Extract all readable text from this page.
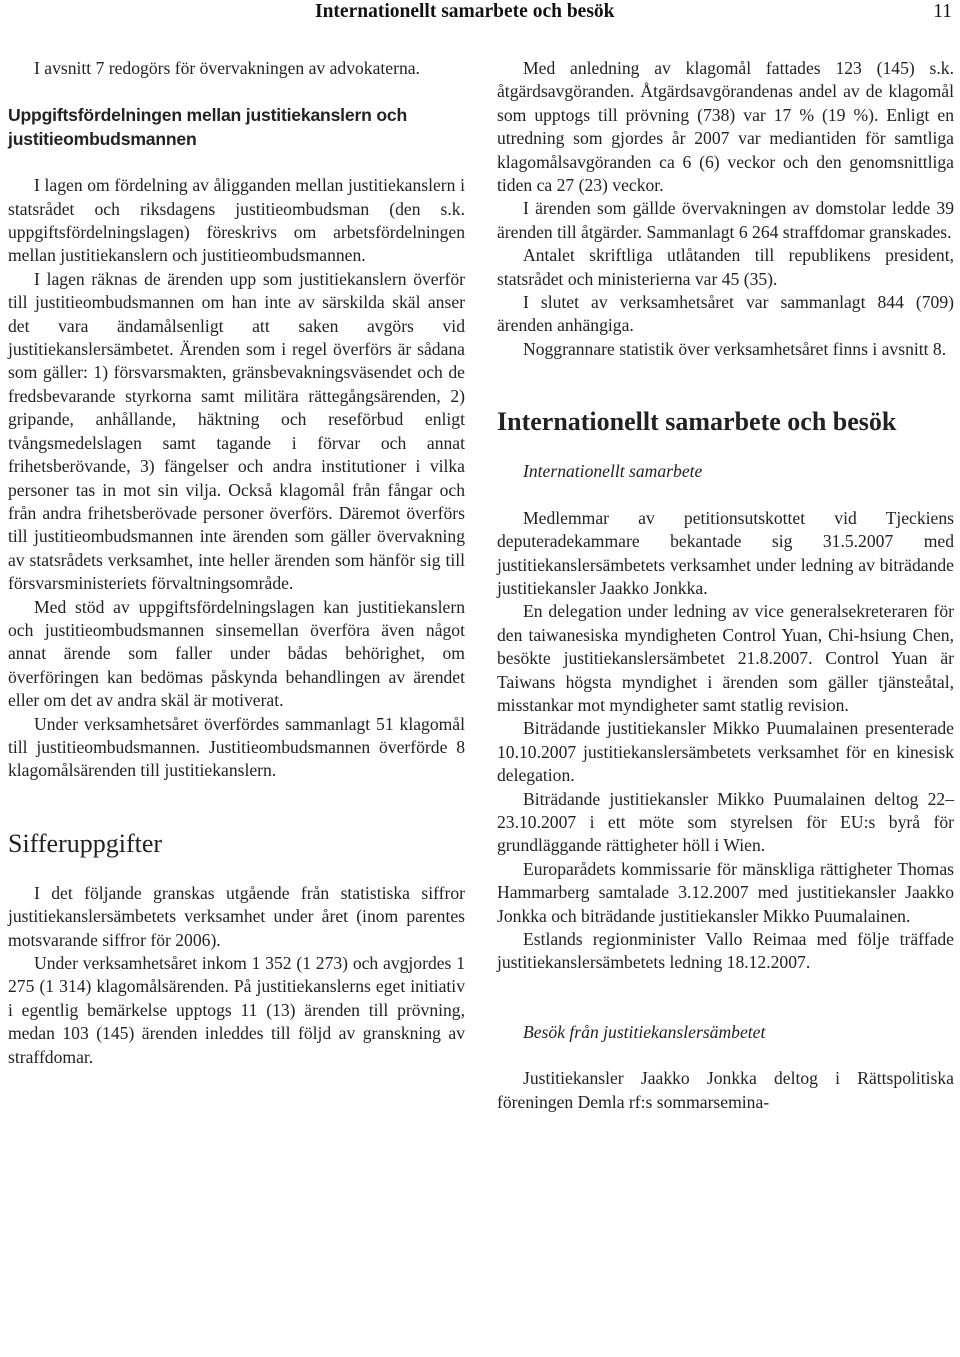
Internationellt samarbete och besök	11

I avsnitt 7 redogörs för övervakningen av advokaterna.

Uppgiftsfördelningen mellan justitiekanslern och justitieombudsmannen

I lagen om fördelning av åligganden mellan justitiekanslern i statsrådet och riksdagens justitieombudsman (den s.k. uppgiftsfördelningslagen) föreskrivs om arbetsfördelningen mellan justitiekanslern och justitieombudsmannen.

I lagen räknas de ärenden upp som justitiekanslern överför till justitieombudsmannen om han inte av särskilda skäl anser det vara ändamålsenligt att saken avgörs vid justitiekanslersämbetet. Ärenden som i regel överförs är sådana som gäller: 1) försvarsmakten, gränsbevakningsväsendet och de fredsbevarande styrkorna samt militära rättegångsärenden, 2) gripande, anhållande, häktning och reseförbud enligt tvångsmedelslagen samt tagande i förvar och annat frihetsberövande, 3) fängelser och andra institutioner i vilka personer tas in mot sin vilja. Också klagomål från fångar och från andra frihetsberövade personer överförs. Däremot överförs till justitieombudsmannen inte ärenden som gäller övervakning av statsrådets verksamhet, inte heller ärenden som hänför sig till försvarsministeriets förvaltningsområde.

Med stöd av uppgiftsfördelningslagen kan justitiekanslern och justitieombudsmannen sinsemellan överföra även något annat ärende som faller under bådas behörighet, om överföringen kan bedömas påskynda behandlingen av ärendet eller om det av andra skäl är motiverat.

Under verksamhetsåret överfördes sammanlagt 51 klagomål till justitieombudsmannen. Justitieombudsmannen överförde 8 klagomålsärenden till justitiekanslern.

Sifferuppgifter

I det följande granskas utgående från statistiska siffror justitiekanslersämbetets verksamhet under året (inom parentes motsvarande siffror för 2006).

Under verksamhetsåret inkom 1 352 (1 273) och avgjordes 1 275 (1 314) klagomålsärenden. På justitiekanslerns eget initiativ i egentlig bemärkelse upptogs 11 (13) ärenden till prövning, medan 103 (145) ärenden inleddes till följd av granskning av straffdomar.

Med anledning av klagomål fattades 123 (145) s.k. åtgärdsavgöranden. Åtgärdsavgörandenas andel av de klagomål som upptogs till prövning (738) var 17 % (19 %). Enligt en utredning som gjordes år 2007 var mediantiden för samtliga klagomålsavgöranden ca 6 (6) veckor och den genomsnittliga tiden ca 27 (23) veckor.

I ärenden som gällde övervakningen av domstolar ledde 39 ärenden till åtgärder. Sammanlagt 6 264 straffdomar granskades.

Antalet skriftliga utlåtanden till republikens president, statsrådet och ministerierna var 45 (35).

I slutet av verksamhetsåret var sammanlagt 844 (709) ärenden anhängiga.

Noggrannare statistik över verksamhetsåret finns i avsnitt 8.

Internationellt samarbete och besök

Internationellt samarbete

Medlemmar av petitionsutskottet vid Tjeckiens deputeradekammare bekantade sig 31.5.2007 med justitiekanslersämbetets verksamhet under ledning av biträdande justitiekansler Jaakko Jonkka.

En delegation under ledning av vice generalsekreteraren för den taiwanesiska myndigheten Control Yuan, Chi-hsiung Chen, besökte justitiekanslersämbetet 21.8.2007. Control Yuan är Taiwans högsta myndighet i ärenden som gäller tjänsteåtal, misstankar mot myndigheter samt statlig revision.

Biträdande justitiekansler Mikko Puumalainen presenterade 10.10.2007 justitiekanslersämbetets verksamhet för en kinesisk delegation.

Biträdande justitiekansler Mikko Puumalainen deltog 22–23.10.2007 i ett möte som styrelsen för EU:s byrå för grundläggande rättigheter höll i Wien.

Europarådets kommissarie för mänskliga rättigheter Thomas Hammarberg samtalade 3.12.2007 med justitiekansler Jaakko Jonkka och biträdande justitiekansler Mikko Puumalainen.

Estlands regionminister Vallo Reimaa med följe träffade justitiekanslersämbetets ledning 18.12.2007.

Besök från justitiekanslersämbetet

Justitiekansler Jaakko Jonkka deltog i Rättspolitiska föreningen Demla rf:s sommarsemina-
